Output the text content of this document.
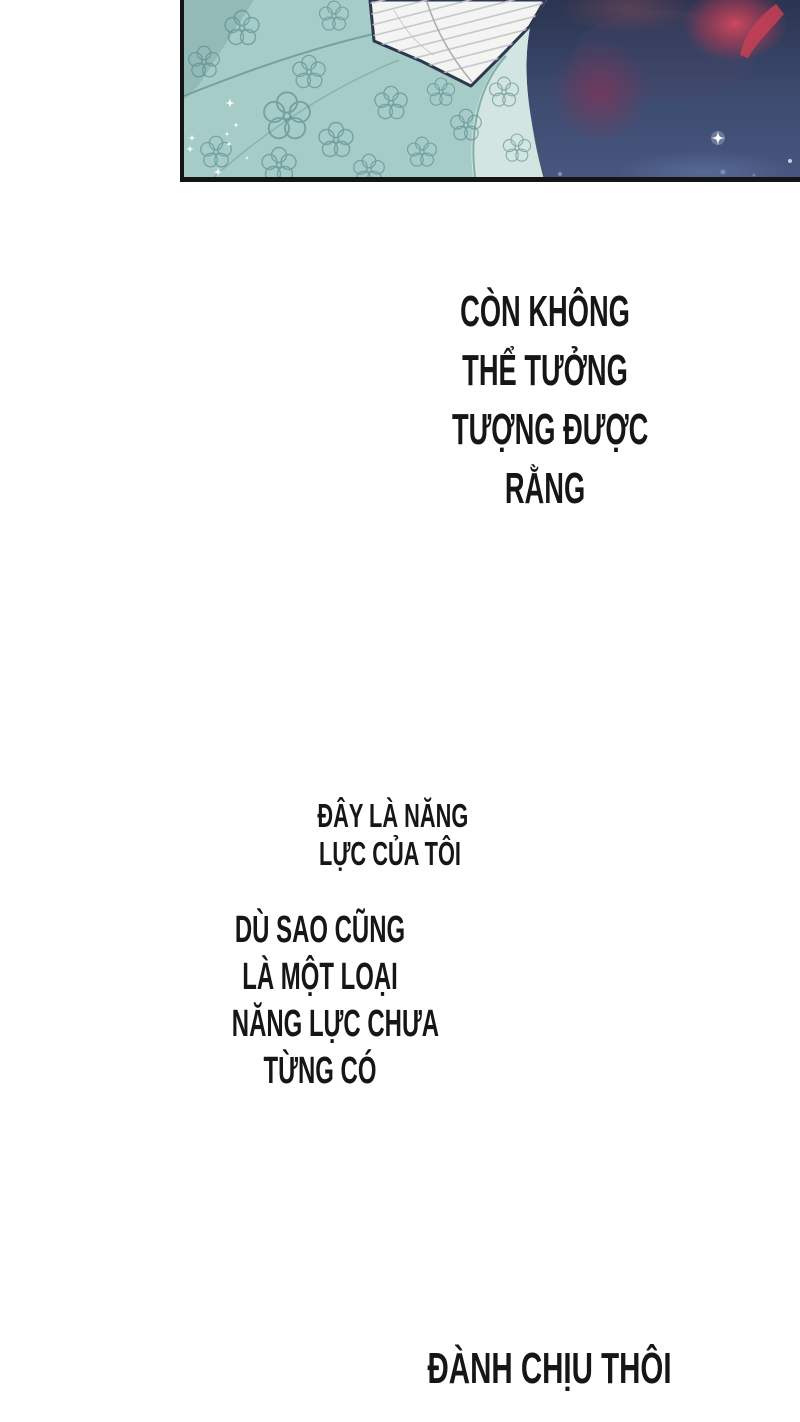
CÒN KHÔNG
THỂ TƯỞNG
TƯỢNG ĐƯỢC
RẰNG
ĐÂY LÀ NĂNG
LỰC CỦA TÔI
DÙ SAO CŨNG
LÀ MỘT LOẠI
NĂNG LỰC CHƯA
TỪNG CÓ
ĐÀNH CHỊU THÔI
